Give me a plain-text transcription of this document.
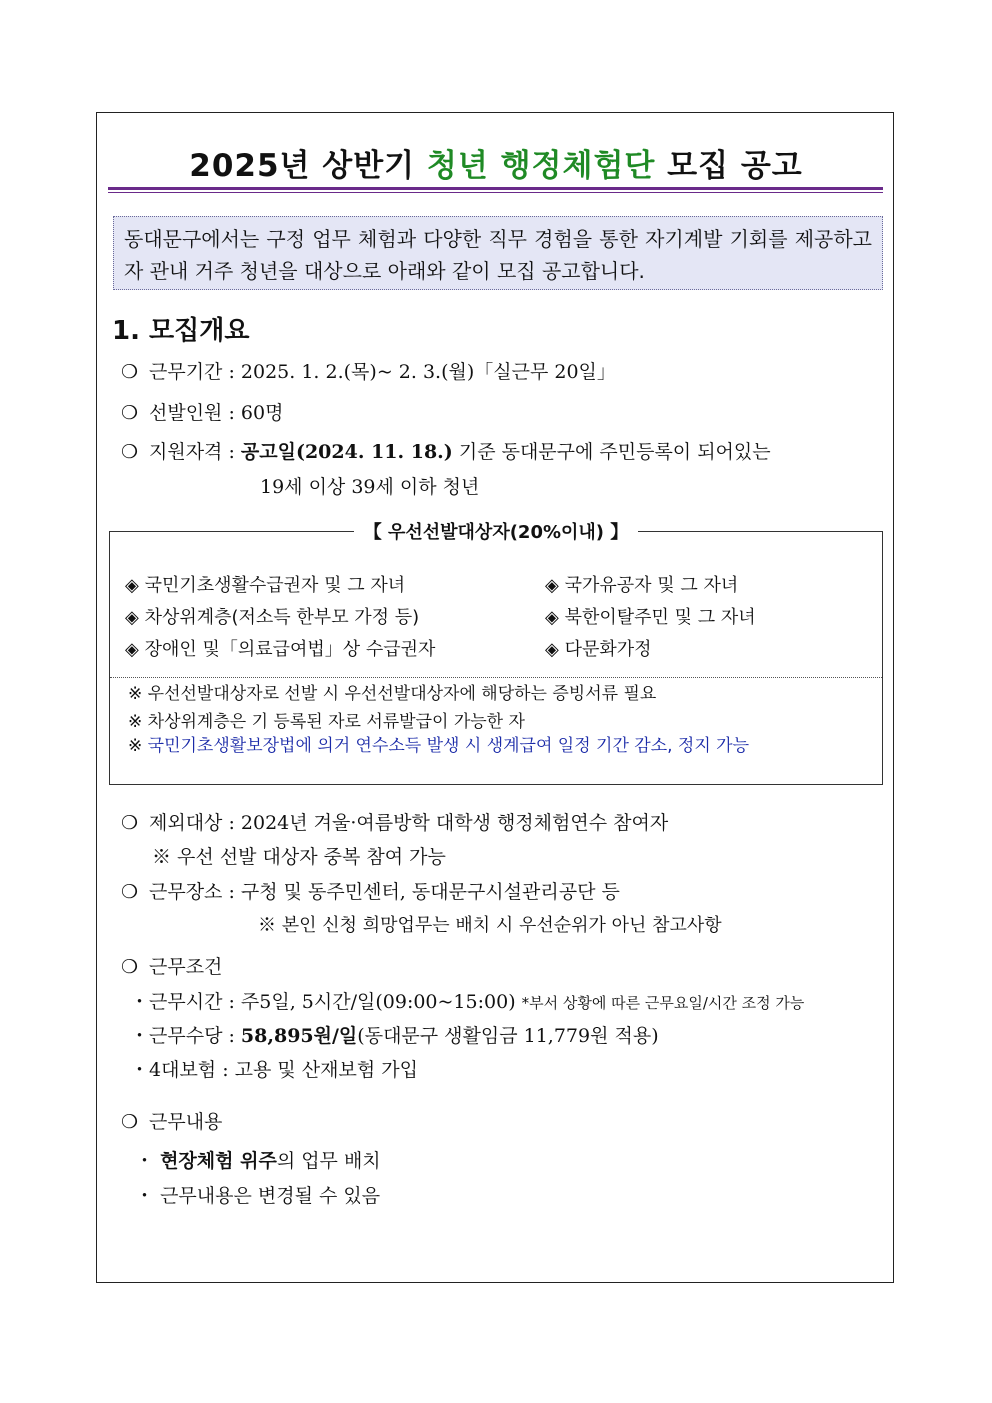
2025년 상반기 청년 행정체험단 모집 공고
동대문구에서는 구정 업무 체험과 다양한 직무 경험을 통한 자기계발 기회를 제공하고자 관내 거주 청년을 대상으로 아래와 같이 모집 공고합니다.
1. 모집개요
❍ 근무기간 : 2025. 1. 2.(목)~ 2. 3.(월)「실근무 20일」
❍ 선발인원 : 60명
❍ 지원자격 : 공고일(2024. 11. 18.) 기준 동대문구에 주민등록이 되어있는
19세 이상 39세 이하 청년
【 우선선발대상자(20%이내) 】
◈ 국민기초생활수급권자 및 그 자녀
◈ 차상위계층(저소득 한부모 가정 등)
◈ 장애인 및「의료급여법」상 수급권자
◈ 국가유공자 및 그 자녀
◈ 북한이탈주민 및 그 자녀
◈ 다문화가정
※ 우선선발대상자로 선발 시 우선선발대상자에 해당하는 증빙서류 필요
※ 차상위계층은 기 등록된 자로 서류발급이 가능한 자
※ 국민기초생활보장법에 의거 연수소득 발생 시 생계급여 일정 기간 감소, 정지 가능
❍ 제외대상 : 2024년 겨울·여름방학 대학생 행정체험연수 참여자
※ 우선 선발 대상자 중복 참여 가능
❍ 근무장소 : 구청 및 동주민센터, 동대문구시설관리공단 등
※ 본인 신청 희망업무는 배치 시 우선순위가 아닌 참고사항
❍ 근무조건
・근무시간 : 주5일, 5시간/일(09:00~15:00) *부서 상황에 따른 근무요일/시간 조정 가능
・근무수당 : 58,895원/일(동대문구 생활임금 11,779원 적용)
・4대보험 : 고용 및 산재보험 가입
❍ 근무내용
・ 현장체험 위주의 업무 배치
・ 근무내용은 변경될 수 있음
